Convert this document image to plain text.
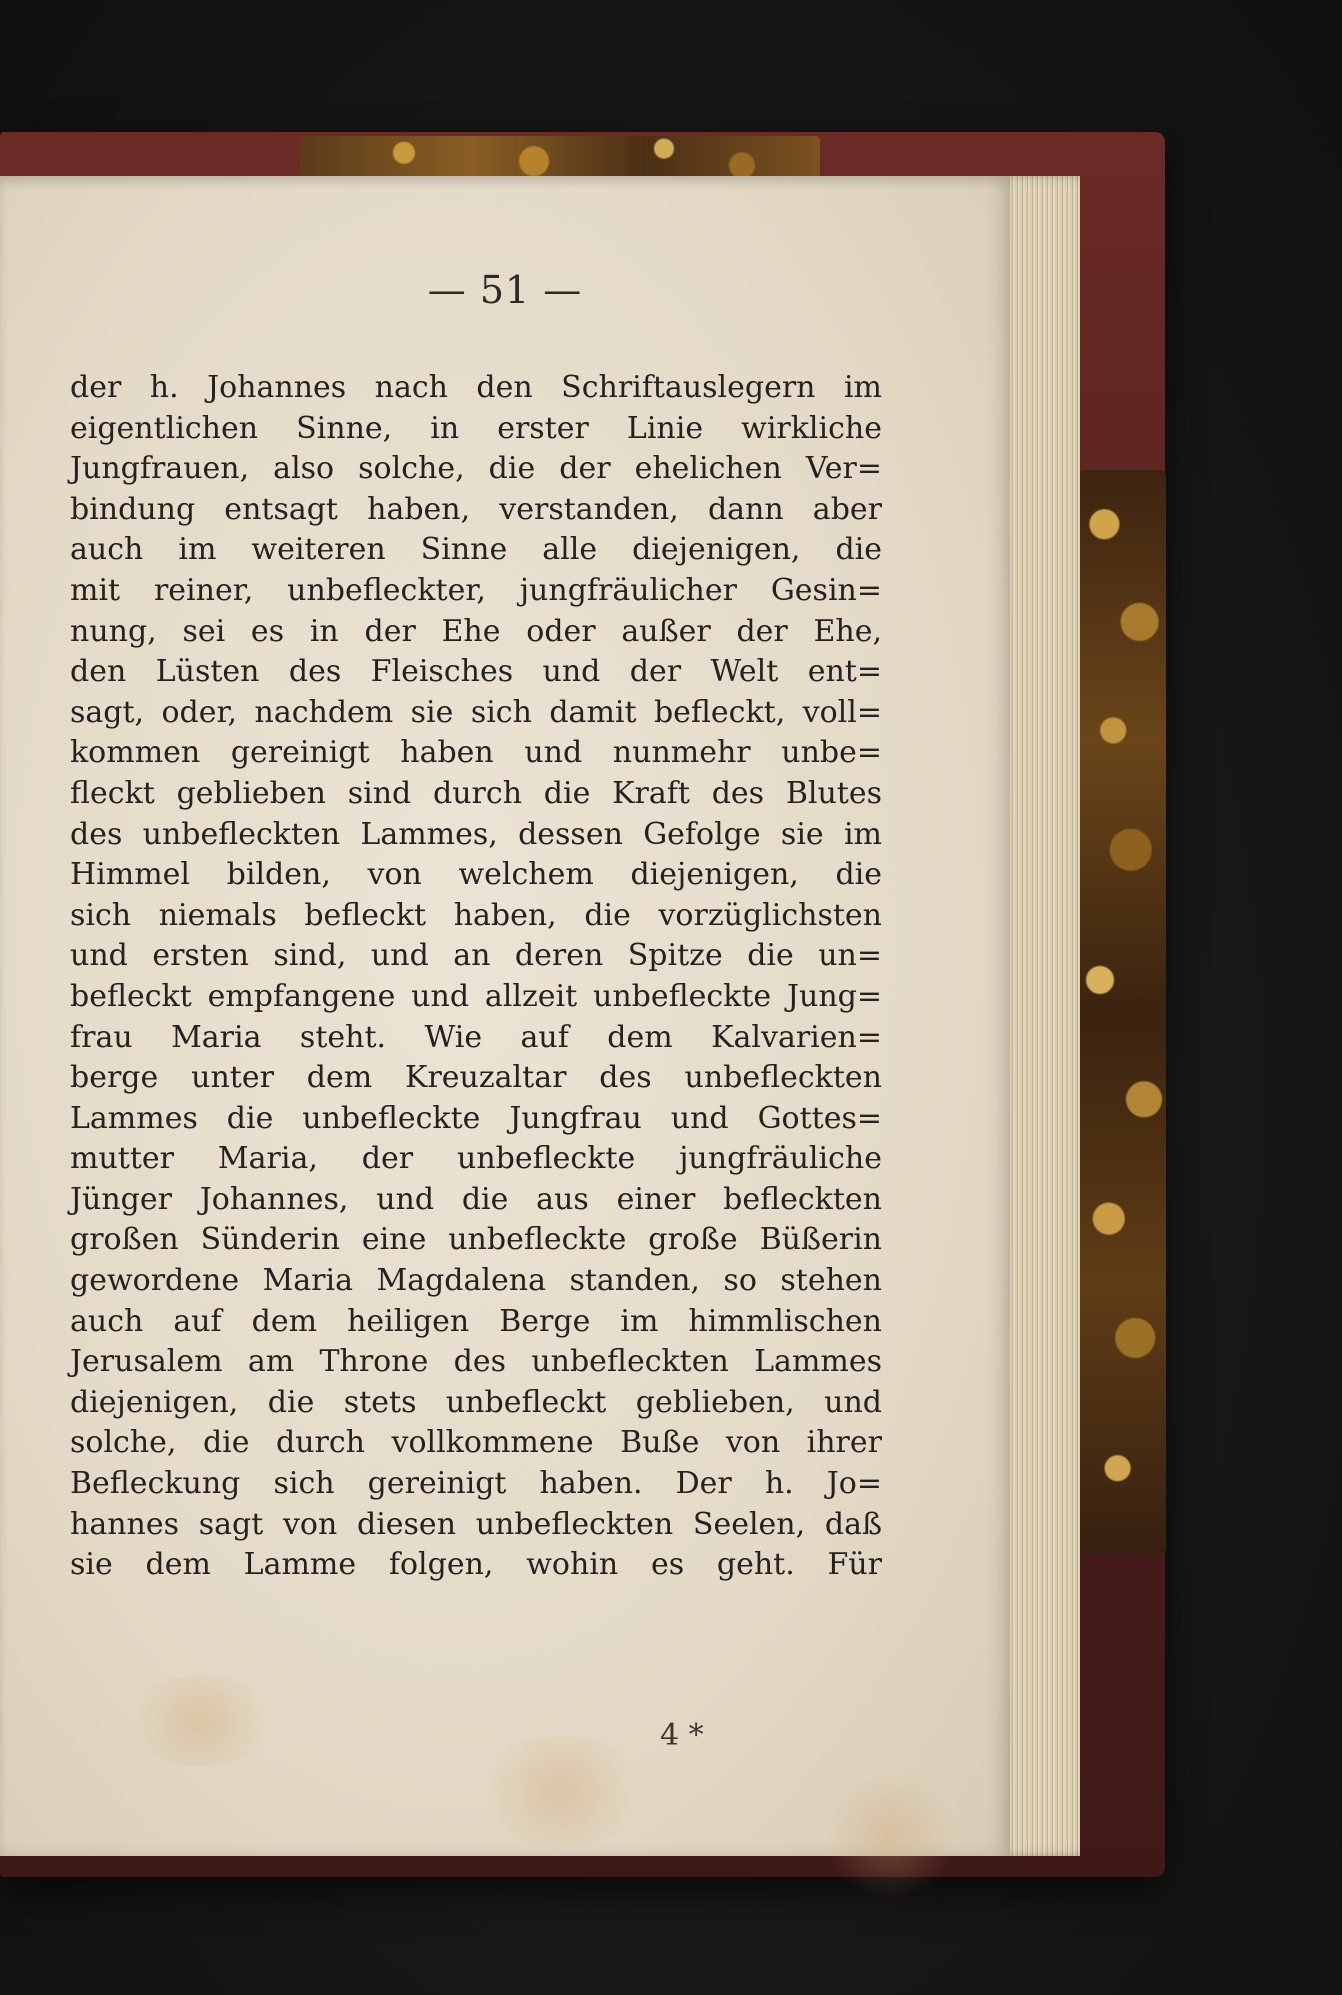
— 51 —
der h. Johannes nach den Schriftauslegern im
eigentlichen Sinne, in erster Linie wirkliche
Jungfrauen, also solche, die der ehelichen Ver=
bindung entsagt haben, verstanden, dann aber
auch im weiteren Sinne alle diejenigen, die
mit reiner, unbefleckter, jungfräulicher Gesin=
nung, sei es in der Ehe oder außer der Ehe,
den Lüsten des Fleisches und der Welt ent=
sagt, oder, nachdem sie sich damit befleckt, voll=
kommen gereinigt haben und nunmehr unbe=
fleckt geblieben sind durch die Kraft des Blutes
des unbefleckten Lammes, dessen Gefolge sie im
Himmel bilden, von welchem diejenigen, die
sich niemals befleckt haben, die vorzüglichsten
und ersten sind, und an deren Spitze die un=
befleckt empfangene und allzeit unbefleckte Jung=
frau Maria steht. Wie auf dem Kalvarien=
berge unter dem Kreuzaltar des unbefleckten
Lammes die unbefleckte Jungfrau und Gottes=
mutter Maria, der unbefleckte jungfräuliche
Jünger Johannes, und die aus einer befleckten
großen Sünderin eine unbefleckte große Büßerin
gewordene Maria Magdalena standen, so stehen
auch auf dem heiligen Berge im himmlischen
Jerusalem am Throne des unbefleckten Lammes
diejenigen, die stets unbefleckt geblieben, und
solche, die durch vollkommene Buße von ihrer
Befleckung sich gereinigt haben. Der h. Jo=
hannes sagt von diesen unbefleckten Seelen, daß
sie dem Lamme folgen, wohin es geht. Für
4 *
